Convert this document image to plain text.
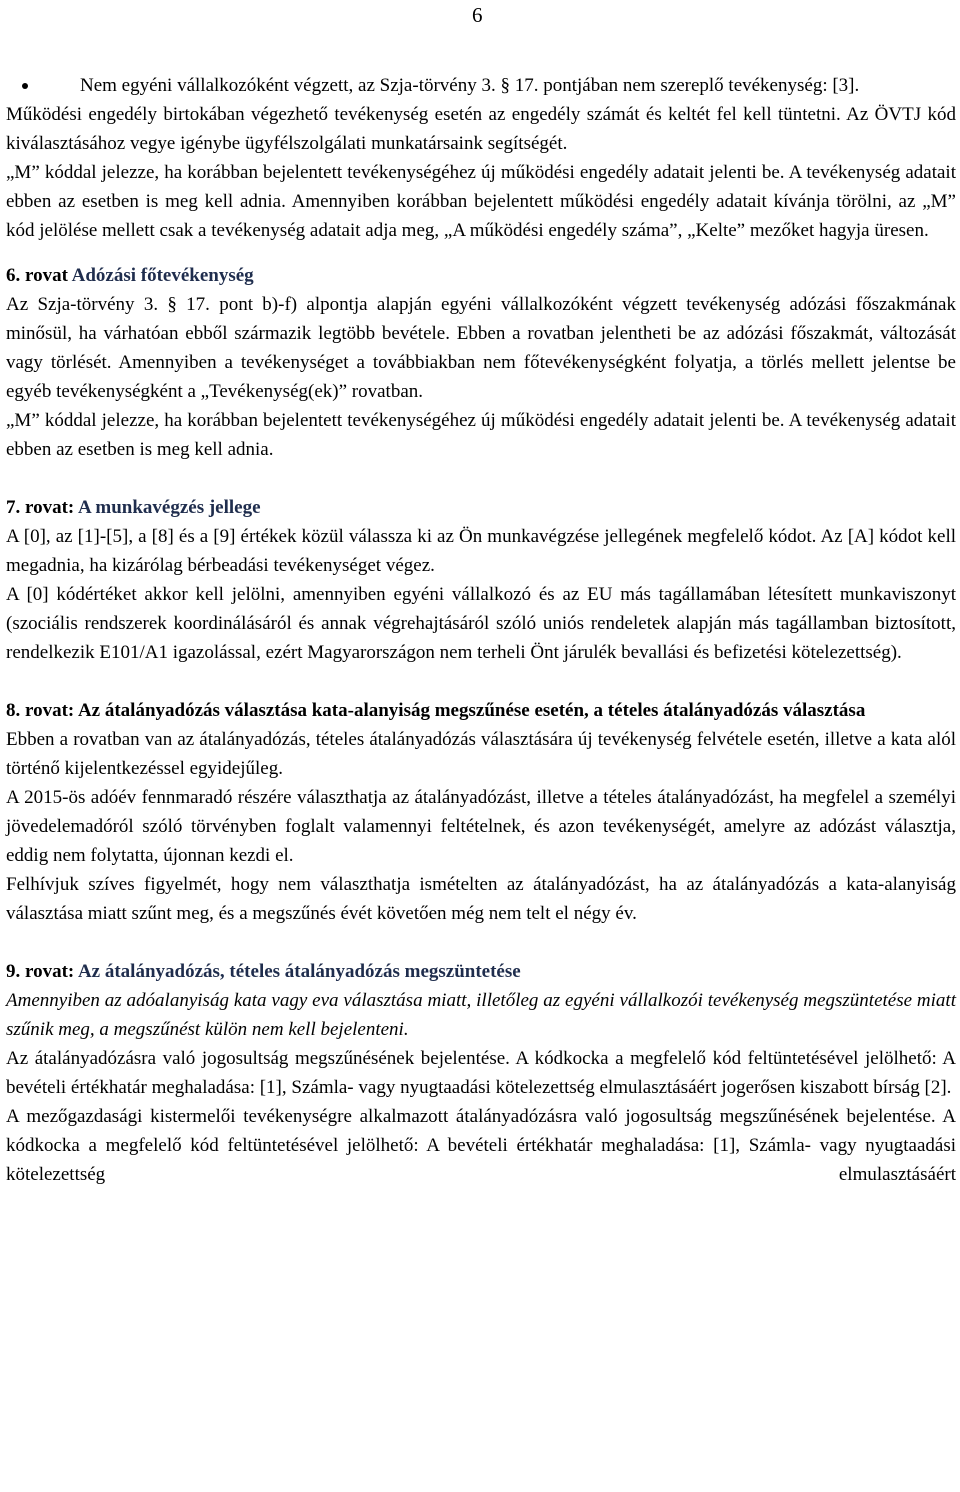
6

Nem egyéni vállalkozóként végzett, az Szja-törvény 3. § 17. pontjában nem szereplő tevékenység: [3].

Működési engedély birtokában végezhető tevékenység esetén az engedély számát és keltét fel kell tüntetni. Az ÖVTJ kód kiválasztásához vegye igénybe ügyfélszolgálati munkatársaink segítségét.

„M” kóddal jelezze, ha korábban bejelentett tevékenységéhez új működési engedély adatait jelenti be. A tevékenység adatait ebben az esetben is meg kell adnia. Amennyiben korábban bejelentett működési engedély adatait kívánja törölni, az „M” kód jelölése mellett csak a tevékenység adatait adja meg, „A működési engedély száma”, „Kelte” mezőket hagyja üresen.

6. rovat Adózási főtevékenység

Az Szja-törvény 3. § 17. pont b)-f) alpontja alapján egyéni vállalkozóként végzett tevékenység adózási főszakmának minősül, ha várhatóan ebből származik legtöbb bevétele. Ebben a rovatban jelentheti be az adózási főszakmát, változását vagy törlését. Amennyiben a tevékenységet a továbbiakban nem főtevékenységként folyatja, a törlés mellett jelentse be egyéb tevékenységként a „Tevékenység(ek)” rovatban.

„M” kóddal jelezze, ha korábban bejelentett tevékenységéhez új működési engedély adatait jelenti be. A tevékenység adatait ebben az esetben is meg kell adnia.

7. rovat: A munkavégzés jellege

A [0], az [1]-[5], a [8] és a [9] értékek közül válassza ki az Ön munkavégzése jellegének megfelelő kódot. Az [A] kódot kell megadnia, ha kizárólag bérbeadási tevékenységet végez.

A [0] kódértéket akkor kell jelölni, amennyiben egyéni vállalkozó és az EU más tagállamában létesített munkaviszonyt (szociális rendszerek koordinálásáról és annak végrehajtásáról szóló uniós rendeletek alapján más tagállamban biztosított, rendelkezik E101/A1 igazolással, ezért Magyarországon nem terheli Önt járulék bevallási és befizetési kötelezettség).

8. rovat: Az átalányadózás választása kata-alanyiság megszűnése esetén, a tételes átalányadózás választása

Ebben a rovatban van az átalányadózás, tételes átalányadózás választására új tevékenység felvétele esetén, illetve a kata alól történő kijelentkezéssel egyidejűleg.

A 2015-ös adóév fennmaradó részére választhatja az átalányadózást, illetve a tételes átalányadózást, ha megfelel a személyi jövedelemadóról szóló törvényben foglalt valamennyi feltételnek, és azon tevékenységét, amelyre az adózást választja, eddig nem folytatta, újonnan kezdi el.

Felhívjuk szíves figyelmét, hogy nem választhatja ismételten az átalányadózást, ha az átalányadózás a kata-alanyiság választása miatt szűnt meg, és a megszűnés évét követően még nem telt el négy év.

9. rovat: Az átalányadózás, tételes átalányadózás megszüntetése

Amennyiben az adóalanyiság kata vagy eva választása miatt, illetőleg az egyéni vállalkozói tevékenység megszüntetése miatt szűnik meg, a megszűnést külön nem kell bejelenteni.

Az átalányadózásra való jogosultság megszűnésének bejelentése. A kódkocka a megfelelő kód feltüntetésével jelölhető: A bevételi értékhatár meghaladása: [1], Számla- vagy nyugtaadási kötelezettség elmulasztásáért jogerősen kiszabott bírság [2].

A mezőgazdasági kistermelői tevékenységre alkalmazott átalányadózásra való jogosultság megszűnésének bejelentése. A kódkocka a megfelelő kód feltüntetésével jelölhető: A bevételi értékhatár meghaladása: [1], Számla- vagy nyugtaadási kötelezettség elmulasztásáért
